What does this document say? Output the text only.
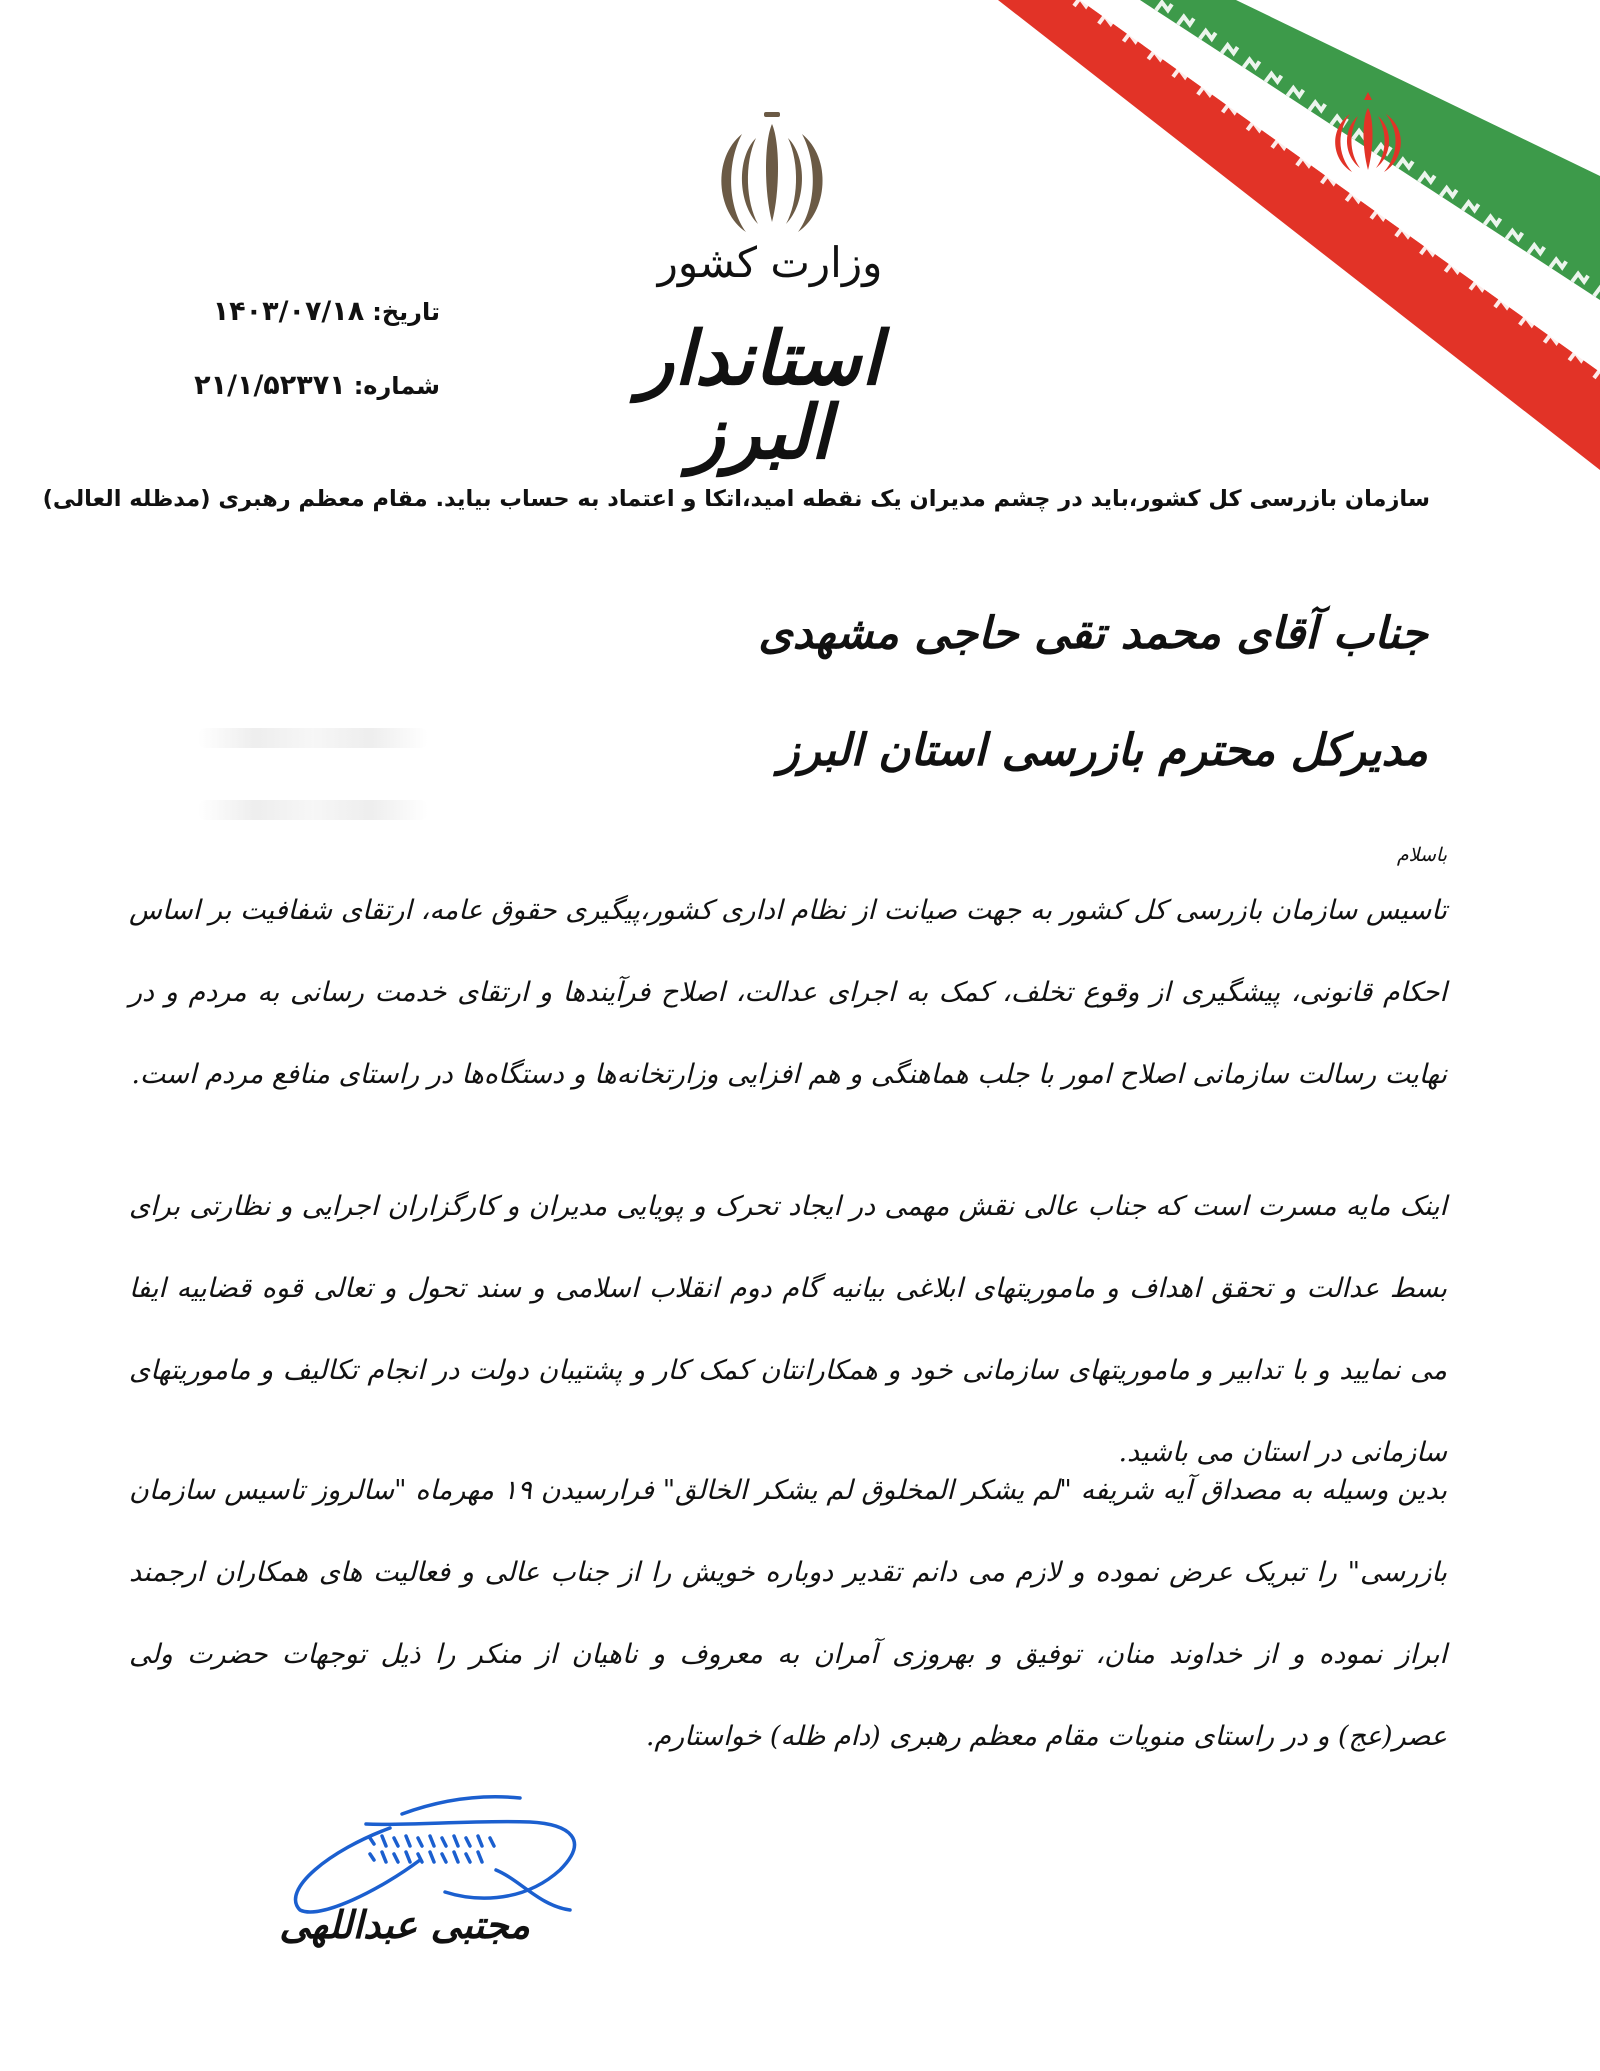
وزارت کشور
استاندار البرز
تاریخ:۱۴۰۳/۰۷/۱۸
شماره:۲۱/۱/۵۲۳۷۱
سازمان بازرسی کل کشور،باید در چشم مدیران یک نقطه امید،اتکا و اعتماد به حساب بیاید. مقام معظم رهبری (مدظله العالی)
جناب آقای محمد تقی حاجی مشهدی
مدیرکل محترم بازرسی استان البرز
باسلام
تاسیس سازمان بازرسی کل کشور به جهت صیانت از نظام اداری کشور،پیگیری حقوق عامه، ارتقای شفافیت بر اساس احکام قانونی، پیشگیری از وقوع تخلف، کمک به اجرای عدالت، اصلاح فرآیندها و ارتقای خدمت رسانی به مردم و در نهایت رسالت سازمانی اصلاح امور با جلب هماهنگی و هم افزایی وزارتخانه‌ها و دستگاه‌ها در راستای منافع مردم است.
اینک مایه مسرت است که جناب عالی نقش مهمی در ایجاد تحرک و پویایی مدیران و کارگزاران اجرایی و نظارتی برای بسط عدالت و تحقق اهداف و ماموریتهای ابلاغی بیانیه گام دوم انقلاب اسلامی و سند تحول و تعالی قوه قضاییه ایفا می نمایید و با تدابیر و ماموریتهای سازمانی خود و همکارانتان کمک کار و پشتیبان دولت در انجام تکالیف و ماموریتهای سازمانی در استان می باشید.
بدین وسیله به مصداق آیه شریفه "لم یشکر المخلوق لم یشکر الخالق" فرارسیدن ۱۹ مهرماه "سالروز تاسیس سازمان بازرسی" را تبریک عرض نموده و لازم می دانم تقدیر دوباره خویش را از جناب عالی و فعالیت های همکاران ارجمند ابراز نموده و از خداوند منان، توفیق و بهروزی آمران به معروف و ناهیان از منکر را ذیل توجهات حضرت ولی عصر(عج) و در راستای منویات مقام معظم رهبری (دام ظله) خواستارم.
مجتبی عبداللهی
